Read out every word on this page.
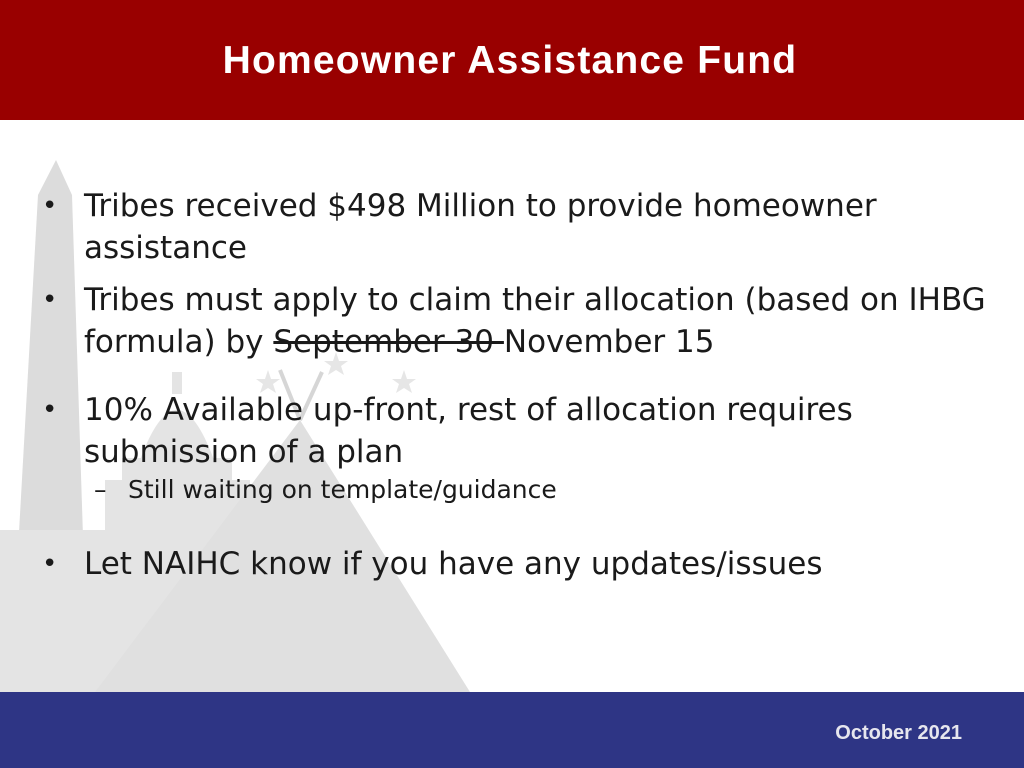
Homeowner Assistance Fund
• Tribes received $498 Million to provide homeowner assistance
• Tribes must apply to claim their allocation (based on IHBG formula) by September 30 November 15
• 10% Available up-front, rest of allocation requires submission of a plan
– Still waiting on template/guidance
• Let NAIHC know if you have any updates/issues
October 2021
